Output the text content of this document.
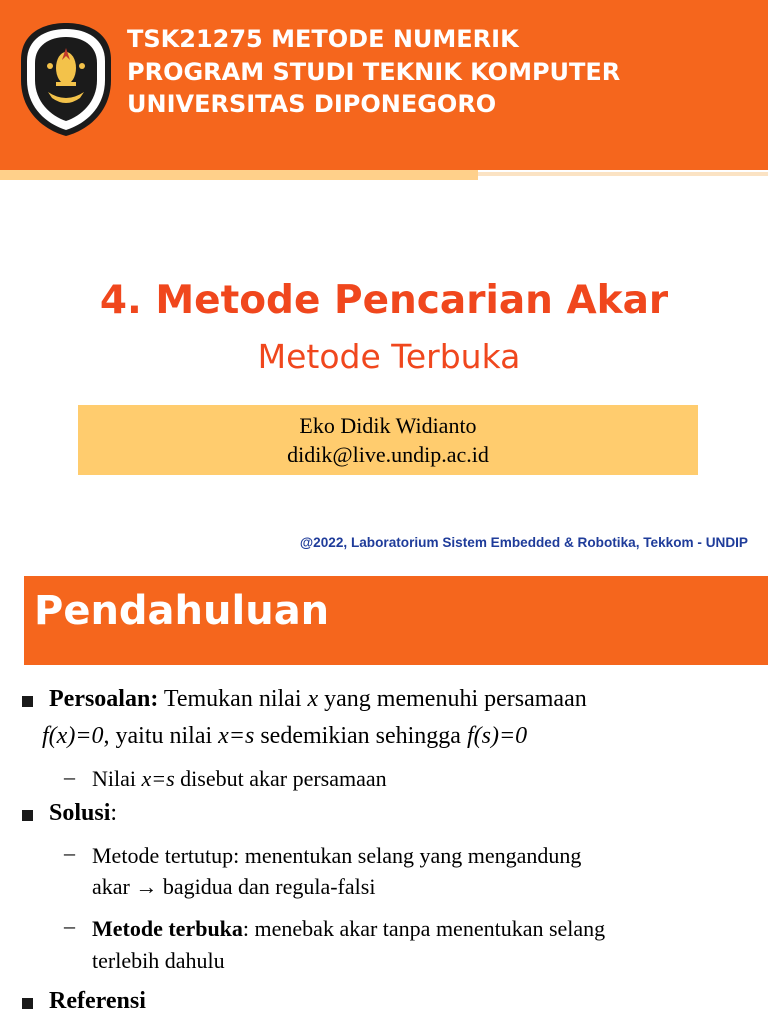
TSK21275 METODE NUMERIK

PROGRAM STUDI TEKNIK KOMPUTER

UNIVERSITAS DIPONEGORO

4. Metode Pencarian Akar

Metode Terbuka

Eko Didik Widianto

didik@live.undip.ac.id

@2022, Laboratorium Sistem Embedded & Robotika, Tekkom - UNDIP

Pendahuluan

Persoalan: Temukan nilai x yang memenuhi persamaan

f(x)=0, yaitu nilai x=s sedemikian sehingga f(s)=0

– Nilai x=s disebut akar persamaan

Solusi:

– Metode tertutup: menentukan selang yang mengandung

akar → bagidua dan regula-falsi

– Metode terbuka: menebak akar tanpa menentukan selang

terlebih dahulu

Referensi
